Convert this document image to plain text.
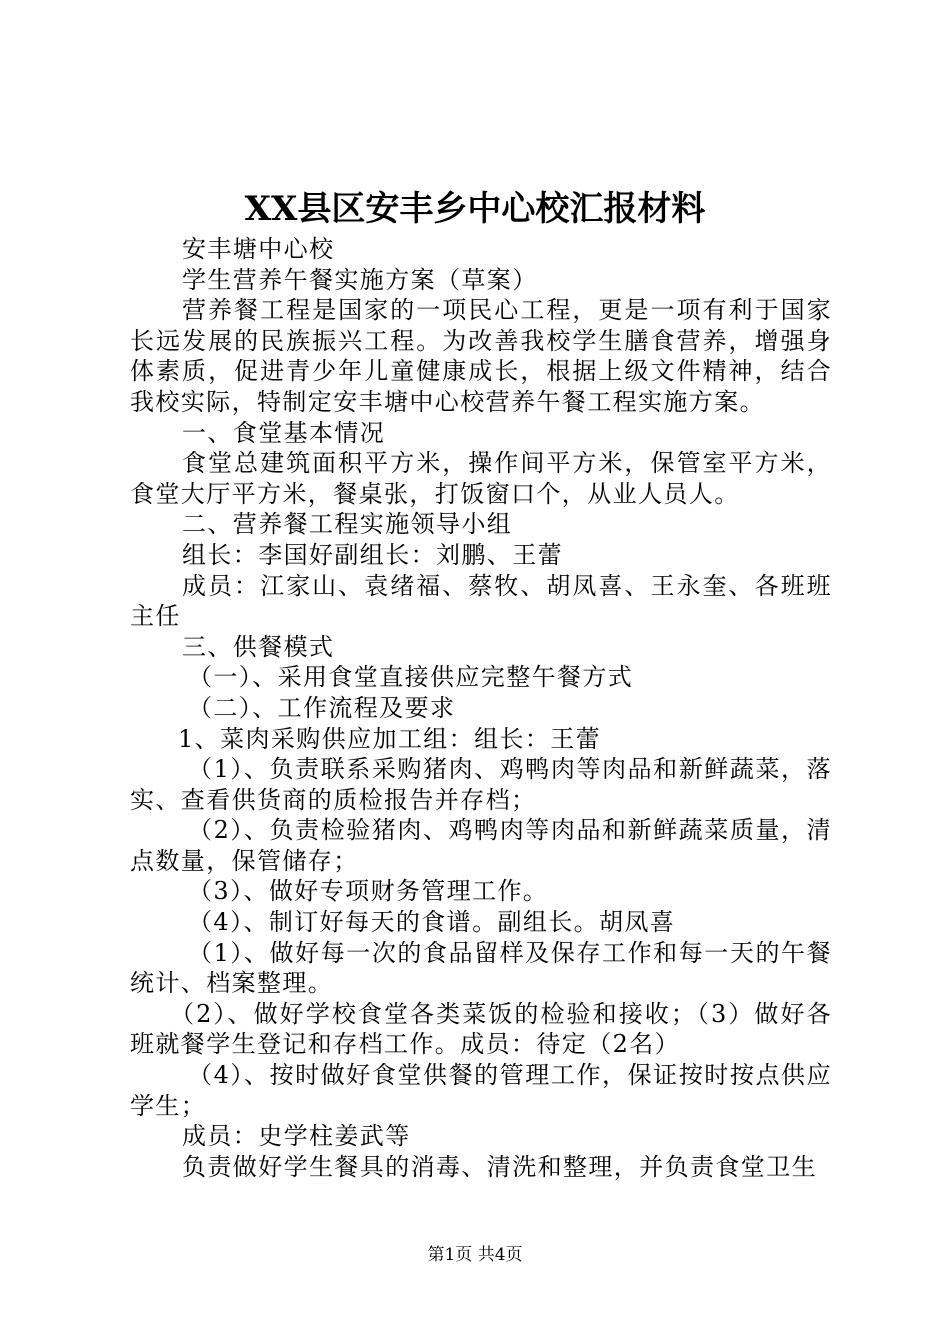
XX县区安丰乡中心校汇报材料

安丰塘中心校

学生营养午餐实施方案（草案）

营养餐工程是国家的一项民心工程，更是一项有利于国家长远发展的民族振兴工程。为改善我校学生膳食营养，增强身体素质，促进青少年儿童健康成长，根据上级文件精神，结合我校实际，特制定安丰塘中心校营养午餐工程实施方案。

一、食堂基本情况

食堂总建筑面积平方米，操作间平方米，保管室平方米，食堂大厅平方米，餐桌张，打饭窗口个，从业人员人。

二、营养餐工程实施领导小组

组长：李国好副组长：刘鹏、王蕾

成员：江家山、袁绪福、蔡牧、胡凤喜、王永奎、各班班主任

三、供餐模式

（一）、采用食堂直接供应完整午餐方式

（二）、工作流程及要求

1、菜肉采购供应加工组：组长：王蕾

（1）、负责联系采购猪肉、鸡鸭肉等肉品和新鲜蔬菜，落实、查看供货商的质检报告并存档；

（2）、负责检验猪肉、鸡鸭肉等肉品和新鲜蔬菜质量，清点数量，保管储存；

（3）、做好专项财务管理工作。

（4）、制订好每天的食谱。副组长。胡凤喜

（1）、做好每一次的食品留样及保存工作和每一天的午餐统计、档案整理。

（2）、做好学校食堂各类菜饭的检验和接收；（3）做好各班就餐学生登记和存档工作。成员：待定（2名）

（4）、按时做好食堂供餐的管理工作，保证按时按点供应学生；

成员：史学柱姜武等

负责做好学生餐具的消毒、清洗和整理，并负责食堂卫生

第1页 共4页
